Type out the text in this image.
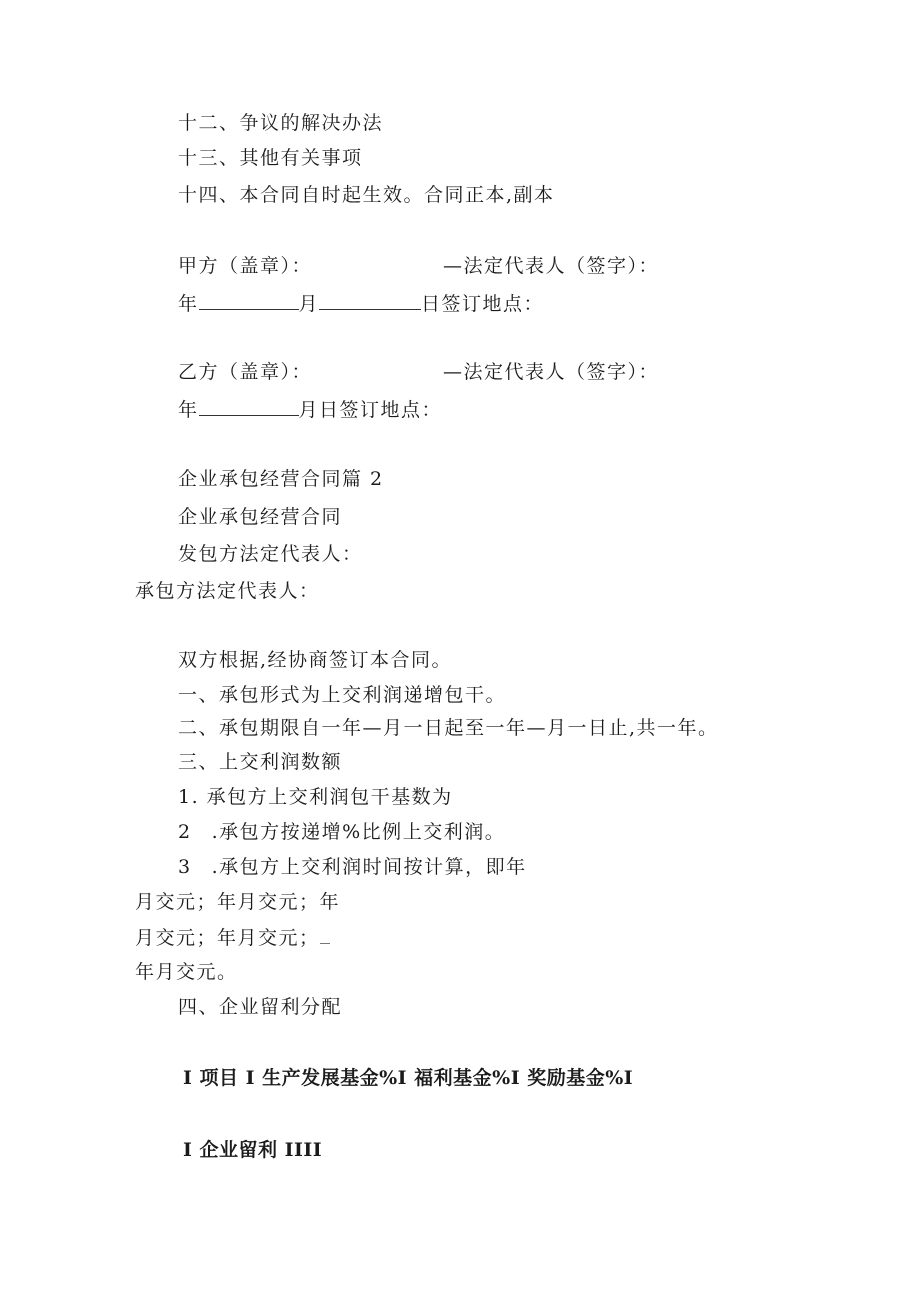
十二、争议的解决办法
十三、其他有关事项
十四、本合同自时起生效。合同正本,副本
甲方（盖章）：	—法定代表人（签字）：
年	月	日签订地点：
乙方（盖章）：	—法定代表人（签字）：
年	月日签订地点：
企业承包经营合同篇 2
企业承包经营合同
发包方法定代表人：
承包方法定代表人：
双方根据,经协商签订本合同。
一、承包形式为上交利润递增包干。
二、承包期限自一年—月一日起至一年—月一日止,共一年。
三、上交利润数额
1. 承包方上交利润包干基数为
2 .承包方按递增%比例上交利润。
3 .承包方上交利润时间按计算，即年
月交元；年月交元；年
月交元；年月交元；
年月交元。
四、企业留利分配
I 项目 I 生产发展基金%I 福利基金%I 奖励基金%I
I 企业留利 IIII
